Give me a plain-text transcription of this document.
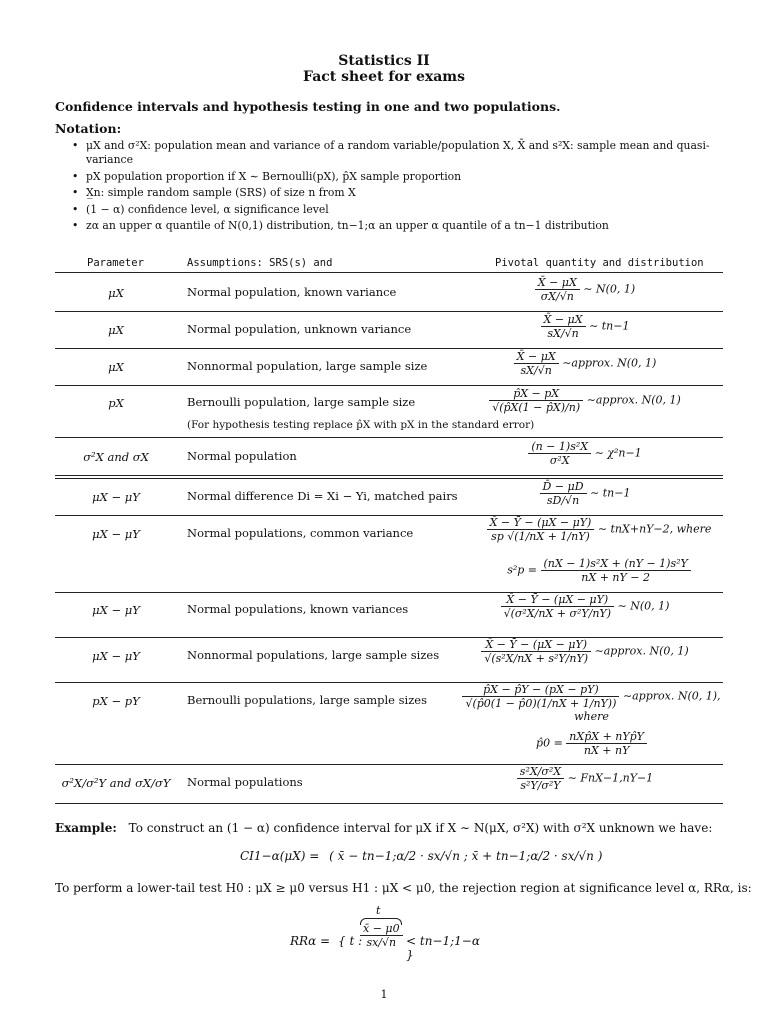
Statistics II
Fact sheet for exams
Confidence intervals and hypothesis testing in one and two populations.
Notation:
• μX and σ²X: population mean and variance of a random variable/population X, X̄ and s²X: sample mean and quasi-variance
• pX population proportion if X ∼ Bernoulli(pX), p̂X sample proportion
• X̲n: simple random sample (SRS) of size n from X
• (1 − α) confidence level, α significance level
• zα an upper α quantile of N(0,1) distribution, tn−1;α an upper α quantile of a tn−1 distribution
Parameter	Assumptions: SRS(s) and	Pivotal quantity and distribution
μX	Normal population, known variance	$\frac{X̄ - \mu X}{\sigma X/√n}$ ∼ N(0, 1)
μX	Normal population, unknown variance	$\frac{X̄ - \mu X}{sX/√n}$ ∼ tn−1
μX	Nonnormal population, large sample size	$\frac{X̄ - \mu X}{sX/√n}$ ∼approx. N(0, 1)
pX	Bernoulli population, large sample size	$\frac{p̂X - pX}{√(p̂X(1 - p̂X)/n)}$ ∼approx. N(0, 1)
(For hypothesis testing replace p̂X with pX in the standard error)
σ²X and σX	Normal population	$\frac{\text{(n − 1)s²X}}{\text{σ²X}}$ ∼ χ²n−1
μX − μY	Normal difference Di = Xi − Yi, matched pairs	$\frac{D̄ - \mu D}{sD/√n}$ ∼ tn−1
μX − μY	Normal populations, common variance	$\frac{X̄ - Ȳ - (\mu X - \mu Y)}{sp √(1/nX + 1/nY)}$ ∼ tnX+nY−2, where
$s^2p = \frac{\text{(nX − 1)s²X + (nY − 1)s²Y}}{nX + nY - 2}$
μX − μY	Normal populations, known variances	$\frac{X̄ - Ȳ - (\mu X - \mu Y)}{\text{√(σ²X/nX + σ²Y/nY)}}$ ∼ N(0, 1)
μX − μY	Nonnormal populations, large sample sizes	$\frac{X̄ - Ȳ - (\mu X - \mu Y)}{\text{√(s²X/nX + s²Y/nY)}}$ ∼approx. N(0, 1)
pX − pY	Bernoulli populations, large sample sizes	$\frac{p̂X - p̂Y - (pX - pY)}{√(p̂0(1 - p̂0)(1/nX + 1/nY))}$ ∼approx. N(0, 1), where
p̂0 = $\frac{\text{nXp̂X + nYp̂Y}}{nX + nY}$
σ²X/σ²Y and σX/σY	Normal populations	$\frac{\text{s²X/σ²X}}{\text{s²Y/σ²Y}}$ ∼ FnX−1,nY−1
Example: To construct an (1 − α) confidence interval for μX if X ∼ N(μX, σ²X) with σ²X unknown we have:
CI1−α(μX) = ( x̄ − tn−1;α/2 · sx/√n ; x̄ + tn−1;α/2 · sx/√n )
To perform a lower-tail test H0 : μX ≥ μ0 versus H1 : μX < μ0, the rejection region at significance level α, RRα, is:
RRα = { t :
t
$\frac{x̄ - \mu 0}{sx/√n}$ < tn−1;1−α }
1
